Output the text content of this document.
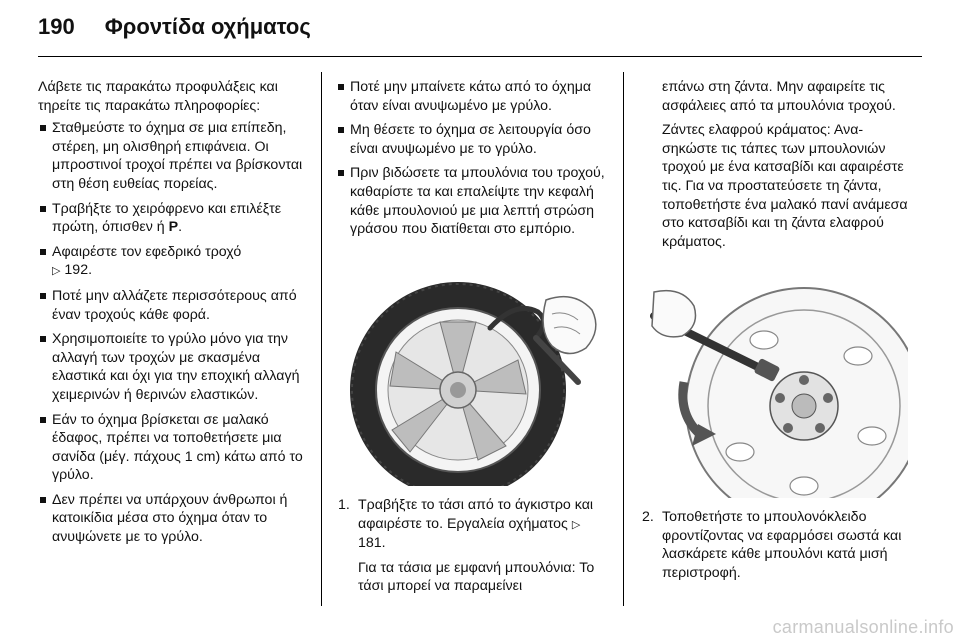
190 Φροντίδα οχήματος

Λάβετε τις παρακάτω προφυλάξεις και τηρείτε τις παρακάτω πληροφορίες:

Σταθμεύστε το όχημα σε μια επίπεδη, στέρεη, μη ολισθηρή επιφάνεια. Οι μπροστινοί τροχοί πρέπει να βρίσκονται στη θέση ευθείας πορείας.
Τραβήξτε το χειρόφρενο και επιλέξτε πρώτη, όπισθεν ή P.
Αφαιρέστε τον εφεδρικό τροχό
▷ 192.
Ποτέ μην αλλάζετε περισσότερους από έναν τροχούς κάθε φορά.
Χρησιμοποιείτε το γρύλο μόνο για την αλλαγή των τροχών με σκασμένα ελαστικά και όχι για την εποχική αλλαγή χειμερινών ή θερινών ελαστικών.
Εάν το όχημα βρίσκεται σε μαλακό έδαφος, πρέπει να τοποθετήσετε μια σανίδα (μέγ. πάχους 1 cm) κάτω από το γρύλο.
Δεν πρέπει να υπάρχουν άνθρωποι ή κατοικίδια μέσα στο όχημα όταν το ανυψώνετε με το γρύλο.
Ποτέ μην μπαίνετε κάτω από το όχημα όταν είναι ανυψωμένο με γρύλο.
Μη θέσετε το όχημα σε λειτουργία όσο είναι ανυψωμένο με το γρύλο.
Πριν βιδώσετε τα μπουλόνια του τροχού, καθαρίστε τα και επαλείψτε την κεφαλή κάθε μπουλονιού με μια λεπτή στρώση γράσου που διατίθεται στο εμπόριο.
1. Τραβήξτε το τάσι από το άγκιστρο και αφαιρέστε το. Εργαλεία οχήματος ▷ 181.

Για τα τάσια με εμφανή μπουλόνια: Το τάσι μπορεί να παραμείνει

επάνω στη ζάντα. Μην αφαιρείτε τις ασφάλειες από τα μπουλόνια τροχού.

Ζάντες ελαφρού κράματος: Ανασηκώστε τις τάπες των μπουλονιών τροχού με ένα κατσαβίδι και αφαιρέστε τις. Για να προστατεύσετε τη ζάντα, τοποθετήστε ένα μαλακό πανί ανάμεσα στο κατσαβίδι και τη ζάντα ελαφρού κράματος.

2. Τοποθετήστε το μπουλονόκλειδο φροντίζοντας να εφαρμόσει σωστά και λασκάρετε κάθε μπουλόνι κατά μισή περιστροφή.

carmanualsonline.info
